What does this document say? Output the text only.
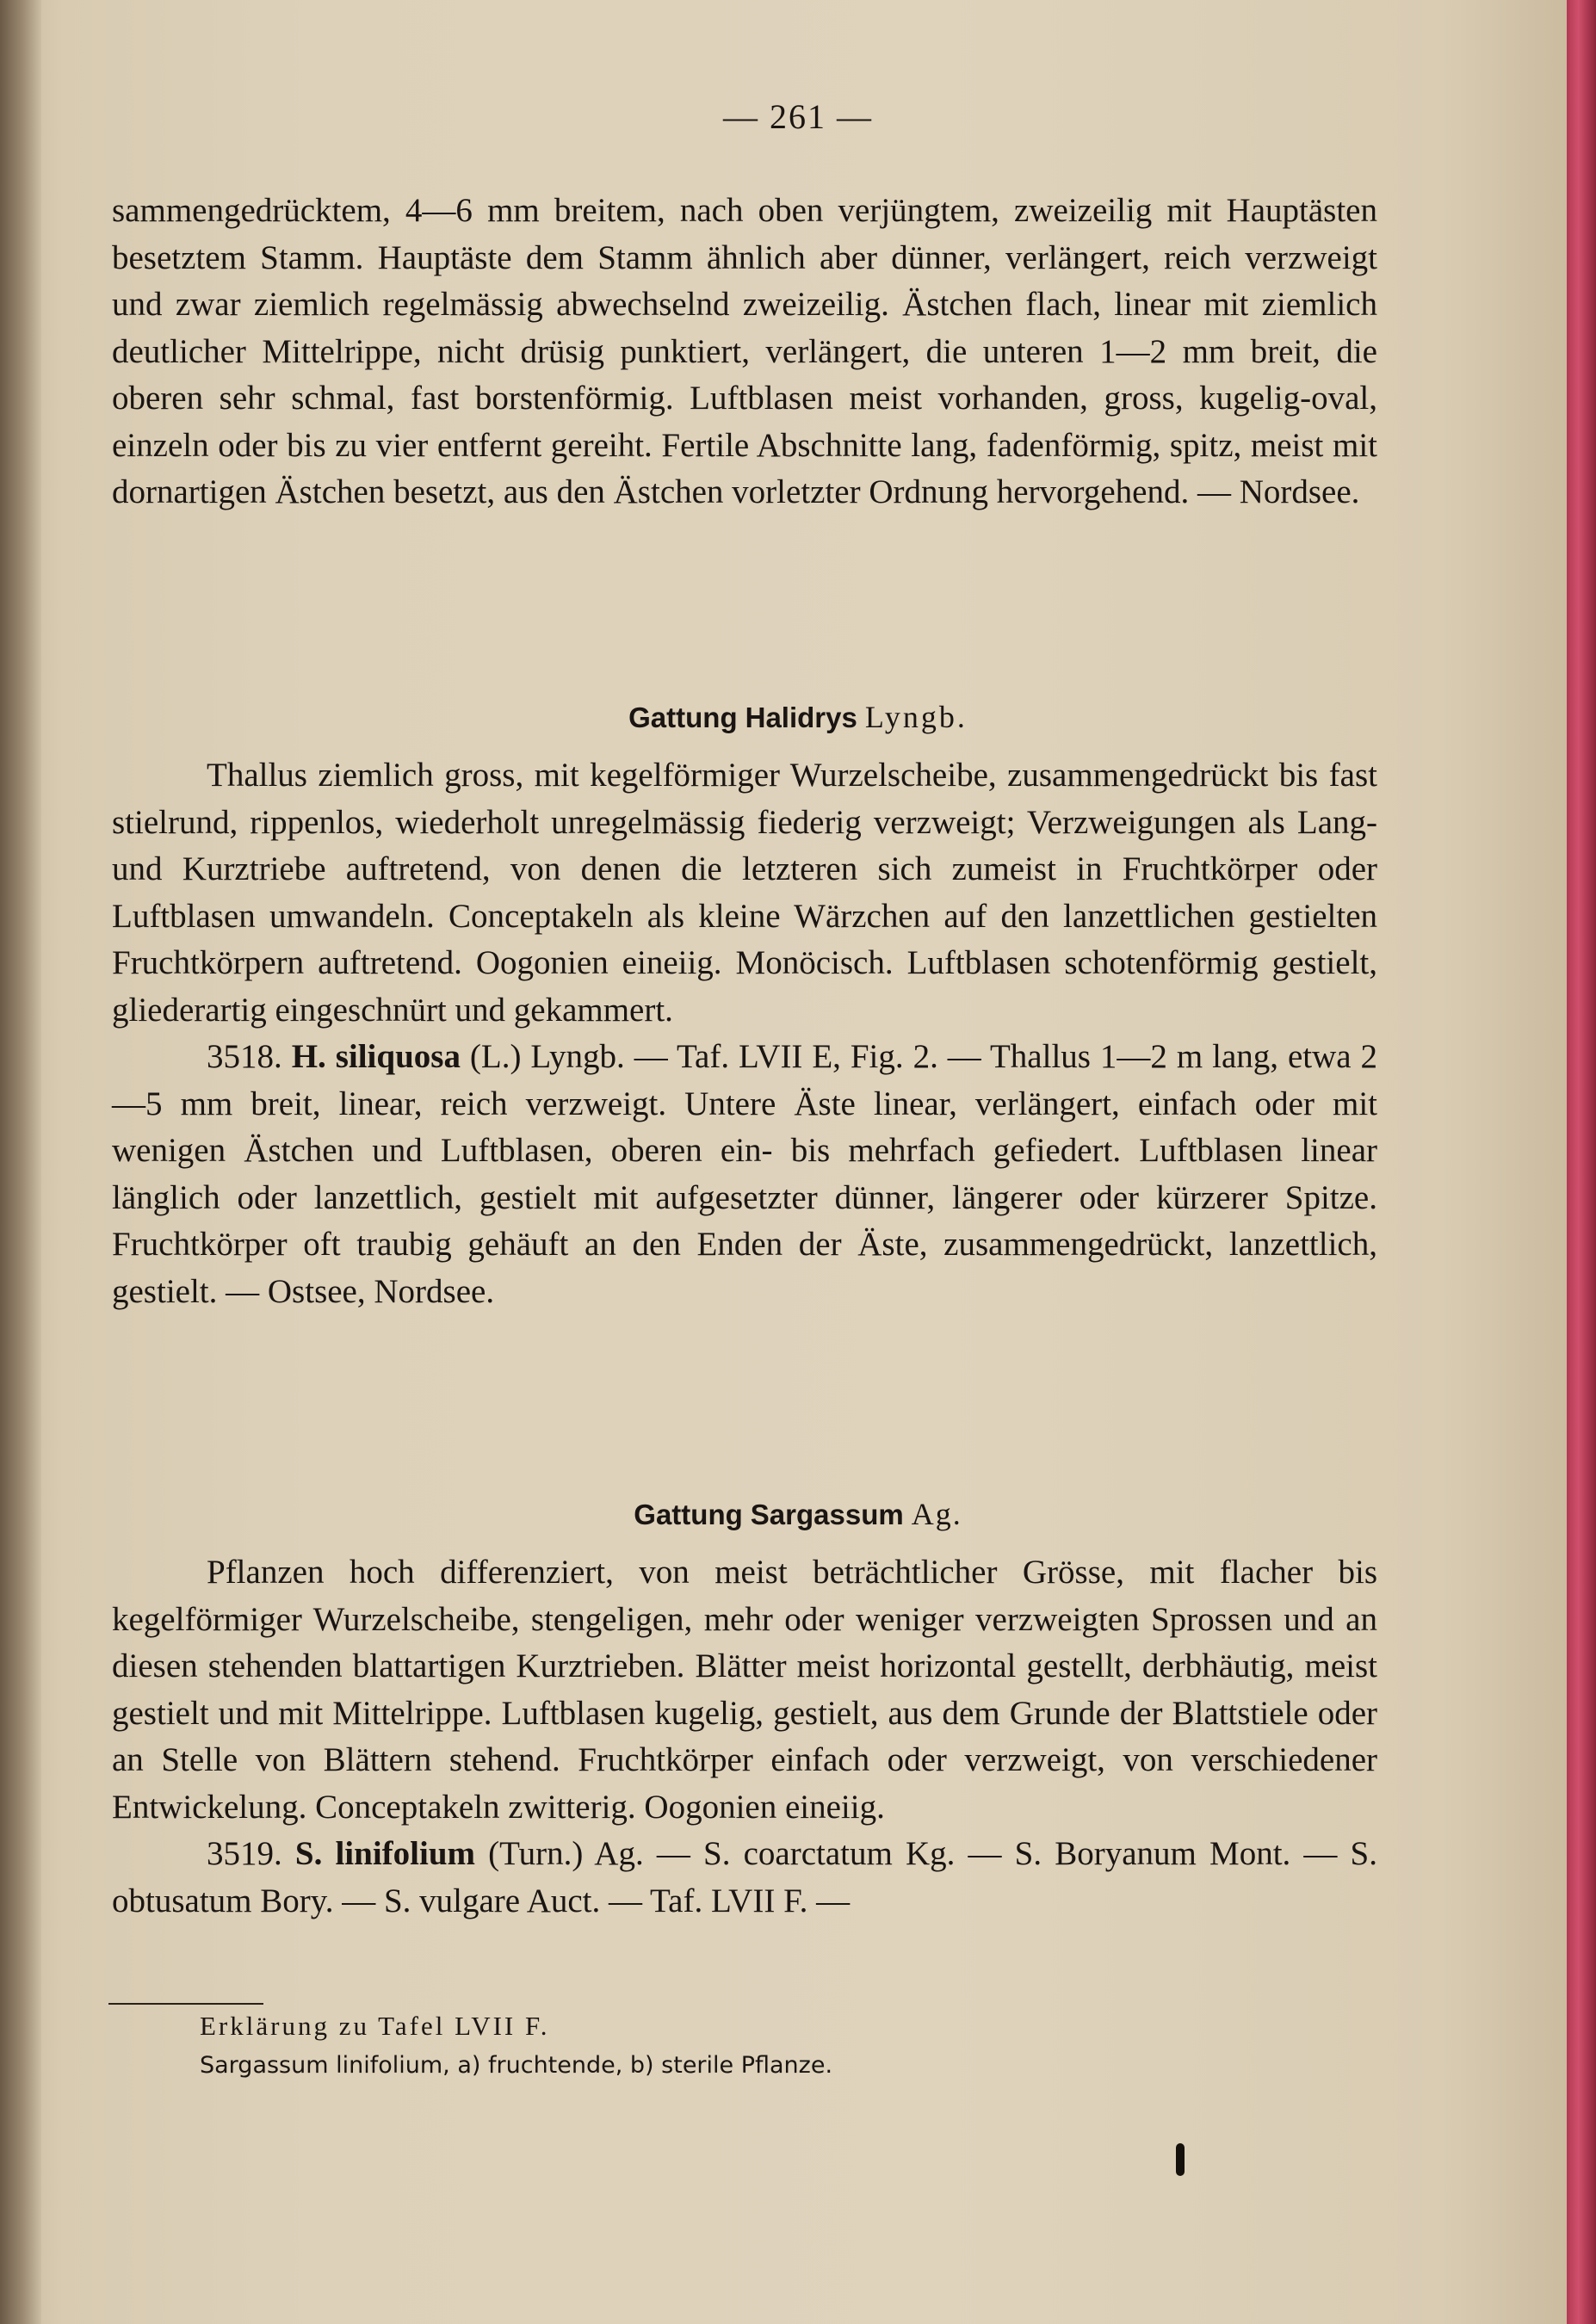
— 261 —

sammengedrücktem, 4—6 mm breitem, nach oben verjüngtem, zweizeilig mit Hauptästen besetztem Stamm. Hauptäste dem Stamm ähnlich aber dünner, verlängert, reich verzweigt und zwar ziemlich regelmässig abwechselnd zweizeilig. Ästchen flach, linear mit ziemlich deutlicher Mittelrippe, nicht drüsig punktiert, verlängert, die unteren 1—2 mm breit, die oberen sehr schmal, fast borstenförmig. Luftblasen meist vorhanden, gross, kugelig-oval, einzeln oder bis zu vier entfernt gereiht. Fertile Abschnitte lang, fadenförmig, spitz, meist mit dornartigen Ästchen besetzt, aus den Ästchen vorletzter Ordnung hervorgehend. — Nordsee.

Gattung Halidrys Lyngb.

Thallus ziemlich gross, mit kegelförmiger Wurzelscheibe, zusammengedrückt bis fast stielrund, rippenlos, wiederholt unregelmässig fiederig verzweigt; Verzweigungen als Lang- und Kurztriebe auftretend, von denen die letzteren sich zumeist in Fruchtkörper oder Luftblasen umwandeln. Conceptakeln als kleine Wärzchen auf den lanzettlichen gestielten Fruchtkörpern auftretend. Oogonien eineiig. Monöcisch. Luftblasen schotenförmig gestielt, gliederartig eingeschnürt und gekammert.

3518. H. siliquosa (L.) Lyngb. — Taf. LVII E, Fig. 2. — Thallus 1—2 m lang, etwa 2—5 mm breit, linear, reich verzweigt. Untere Äste linear, verlängert, einfach oder mit wenigen Ästchen und Luftblasen, oberen ein- bis mehrfach gefiedert. Luftblasen linear länglich oder lanzettlich, gestielt mit aufgesetzter dünner, längerer oder kürzerer Spitze. Fruchtkörper oft traubig gehäuft an den Enden der Äste, zusammengedrückt, lanzettlich, gestielt. — Ostsee, Nordsee.

Gattung Sargassum Ag.

Pflanzen hoch differenziert, von meist beträchtlicher Grösse, mit flacher bis kegelförmiger Wurzelscheibe, stengeligen, mehr oder weniger verzweigten Sprossen und an diesen stehenden blattartigen Kurztrieben. Blätter meist horizontal gestellt, derbhäutig, meist gestielt und mit Mittelrippe. Luftblasen kugelig, gestielt, aus dem Grunde der Blattstiele oder an Stelle von Blättern stehend. Fruchtkörper einfach oder verzweigt, von verschiedener Entwickelung. Conceptakeln zwitterig. Oogonien eineiig.

3519. S. linifolium (Turn.) Ag. — S. coarctatum Kg. — S. Boryanum Mont. — S. obtusatum Bory. — S. vulgare Auct. — Taf. LVII F. —

Erklärung zu Tafel LVII F.
Sargassum linifolium, a) fruchtende, b) sterile Pflanze.
